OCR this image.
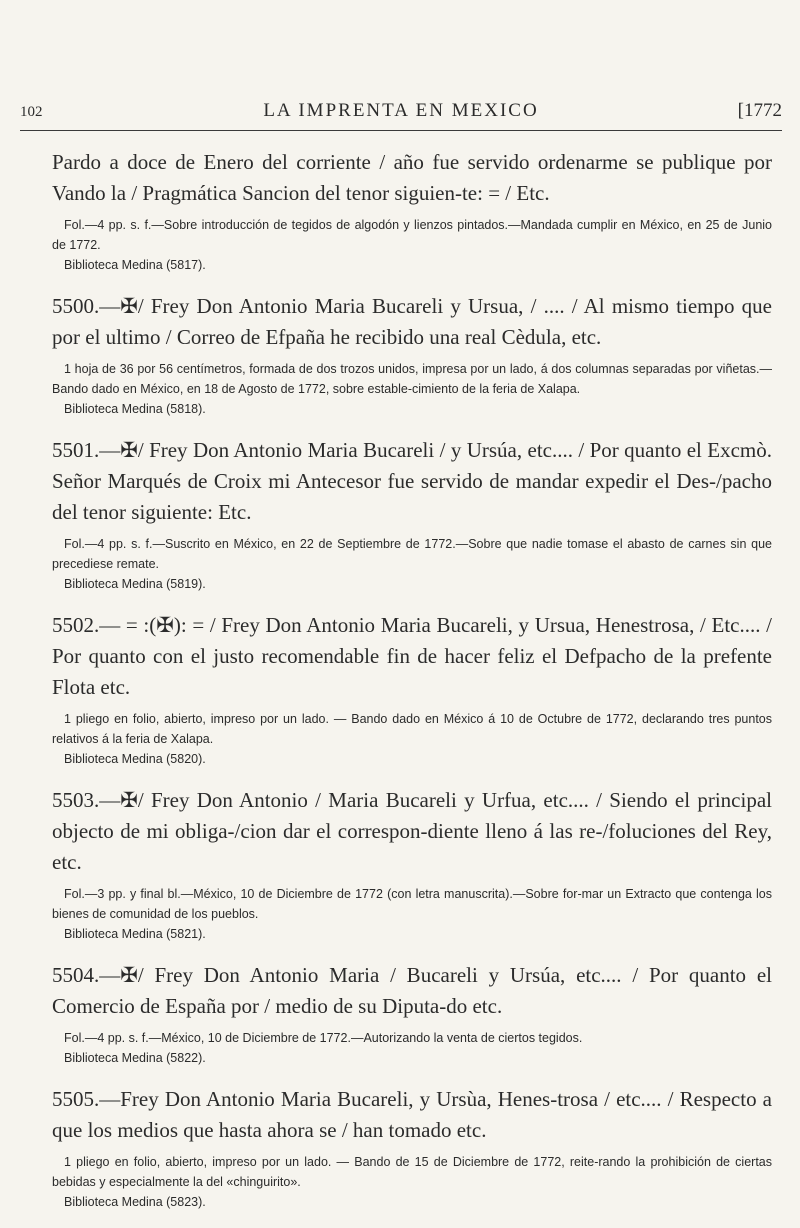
102	LA IMPRENTA EN MEXICO	[1772

Pardo a doce de Enero del corriente / año fue servido ordenarme se publique por Vando la / Pragmática Sancion del tenor siguien-te: = / Etc.

Fol.—4 pp. s. f.—Sobre introducción de tegidos de algodón y lienzos pintados.—Mandada cumplir en México, en 25 de Junio de 1772.

Biblioteca Medina (5817).

5500.—✠/ Frey Don Antonio Maria Bucareli y Ursua, / .... / Al mismo tiempo que por el ultimo / Correo de Efpaña he recibido una real Cèdula, etc.

1 hoja de 36 por 56 centímetros, formada de dos trozos unidos, impresa por un lado, á dos columnas separadas por viñetas.—Bando dado en México, en 18 de Agosto de 1772, sobre estable-cimiento de la feria de Xalapa.

Biblioteca Medina (5818).

5501.—✠/ Frey Don Antonio Maria Bucareli / y Ursúa, etc.... / Por quanto el Excmò. Señor Marqués de Croix mi Antecesor fue servido de mandar expedir el Des-/pacho del tenor siguiente: Etc.

Fol.—4 pp. s. f.—Suscrito en México, en 22 de Septiembre de 1772.—Sobre que nadie tomase el abasto de carnes sin que precediese remate.

Biblioteca Medina (5819).

5502.— = :(✠): = / Frey Don Antonio Maria Bucareli, y Ursua, Henestrosa, / Etc.... / Por quanto con el justo recomendable fin de hacer feliz el Defpacho de la prefente Flota etc.

1 pliego en folio, abierto, impreso por un lado. — Bando dado en México á 10 de Octubre de 1772, declarando tres puntos relativos á la feria de Xalapa.

Biblioteca Medina (5820).

5503.—✠/ Frey Don Antonio / Maria Bucareli y Urfua, etc.... / Siendo el principal objecto de mi obliga-/cion dar el correspon-diente lleno á las re-/foluciones del Rey, etc.

Fol.—3 pp. y final bl.—México, 10 de Diciembre de 1772 (con letra manuscrita).—Sobre for-mar un Extracto que contenga los bienes de comunidad de los pueblos.

Biblioteca Medina (5821).

5504.—✠/ Frey Don Antonio Maria / Bucareli y Ursúa, etc.... / Por quanto el Comercio de España por / medio de su Diputa-do etc.

Fol.—4 pp. s. f.—México, 10 de Diciembre de 1772.—Autorizando la venta de ciertos tegidos.

Biblioteca Medina (5822).

5505.—Frey Don Antonio Maria Bucareli, y Ursùa, Henes-trosa / etc.... / Respecto a que los medios que hasta ahora se / han tomado etc.

1 pliego en folio, abierto, impreso por un lado. — Bando de 15 de Diciembre de 1772, reite-rando la prohibición de ciertas bebidas y especialmente la del «chinguirito».

Biblioteca Medina (5823).
